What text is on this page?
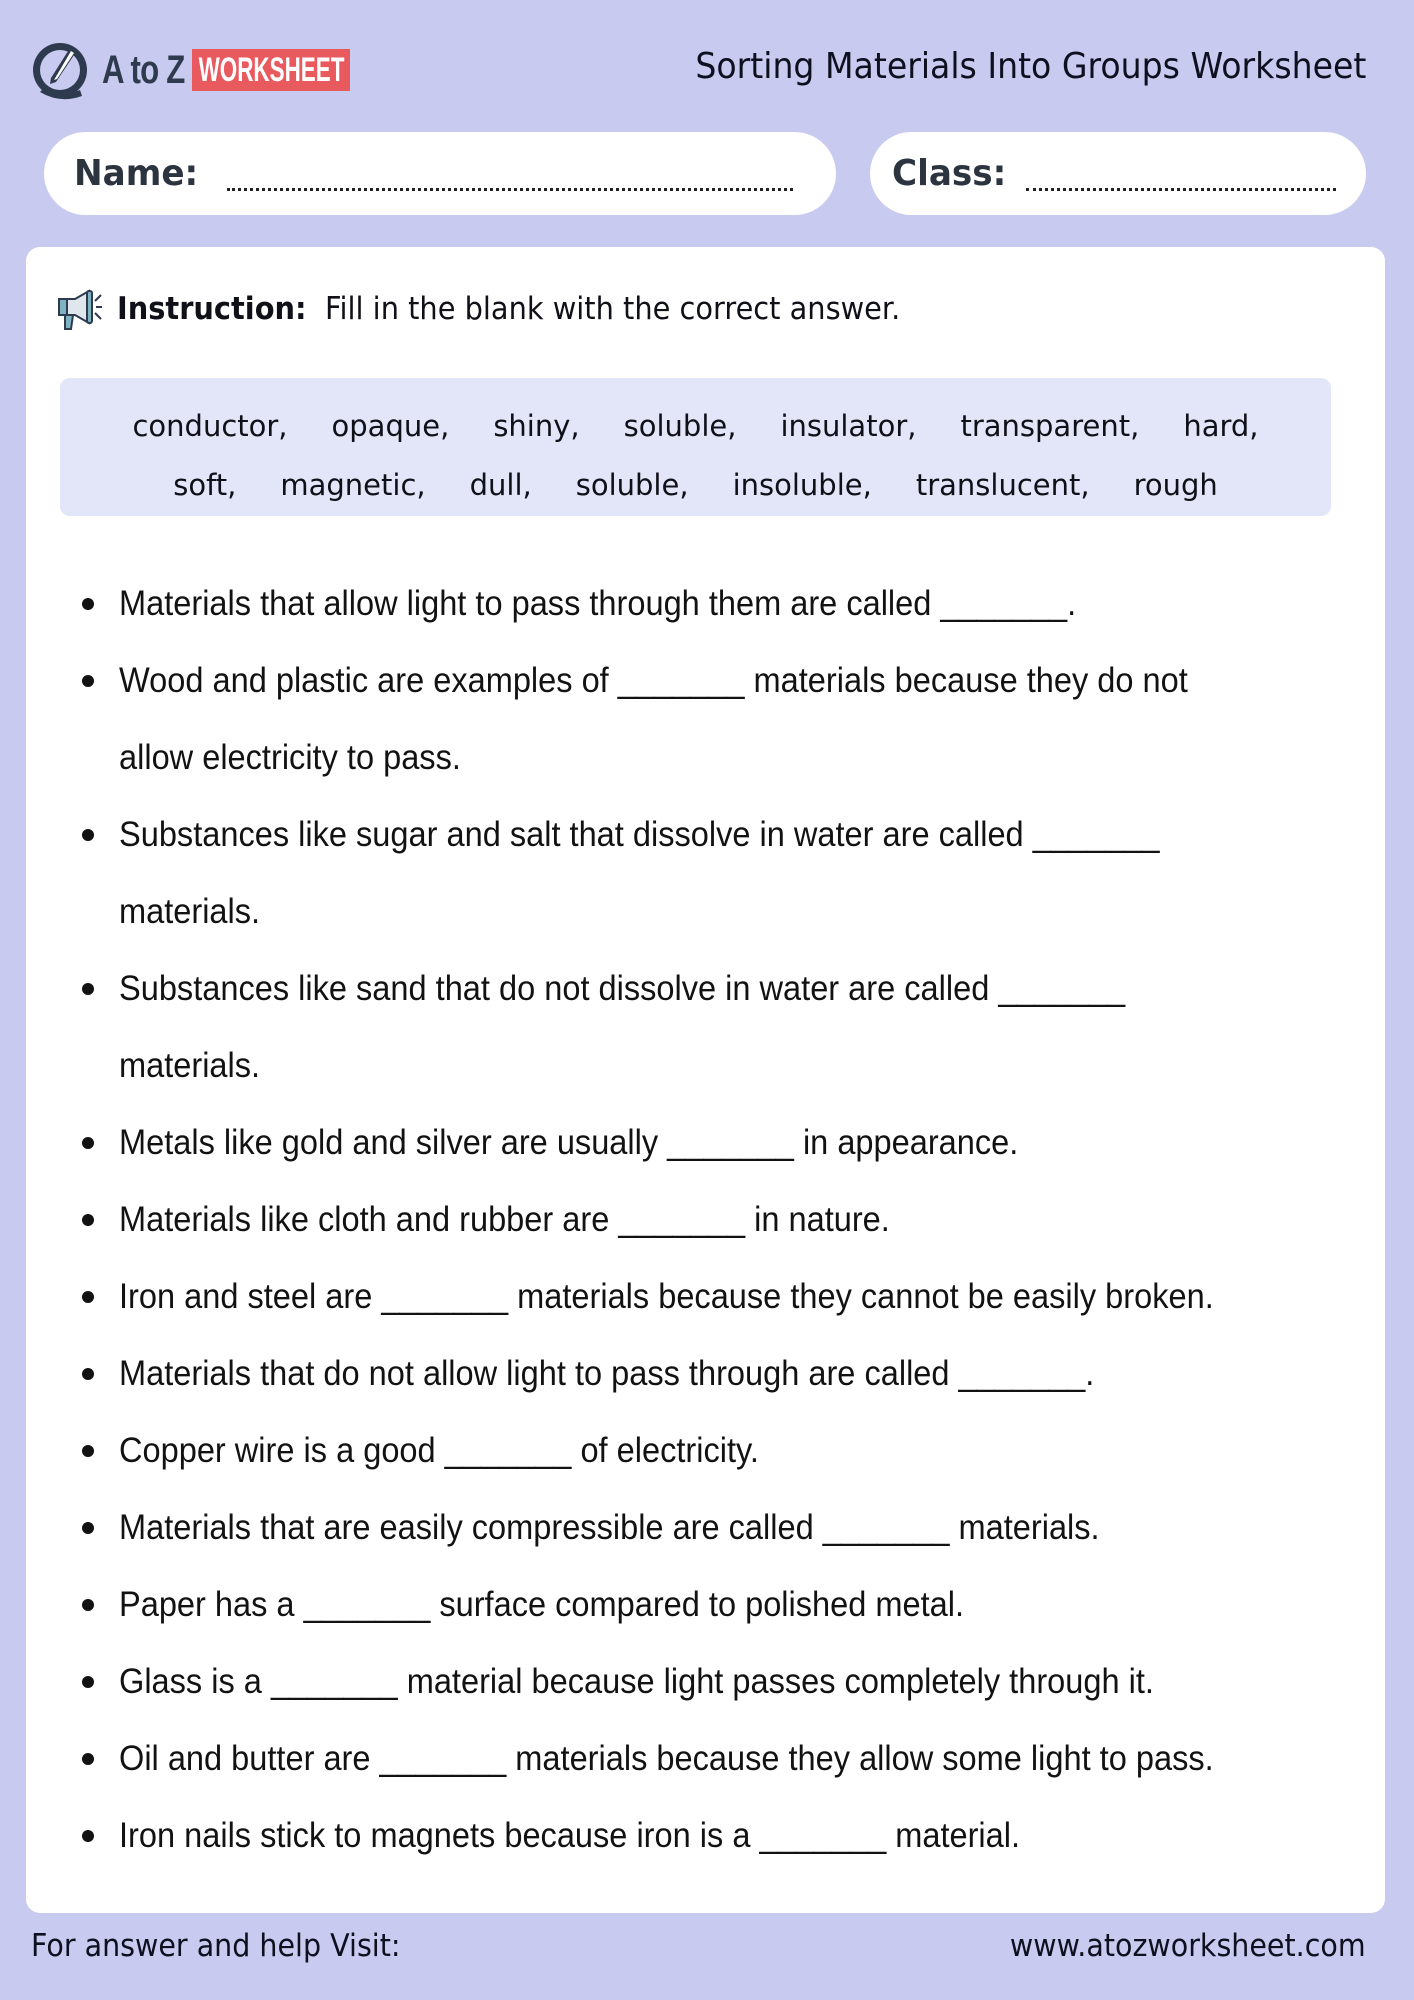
A to Z WORKSHEET	Sorting Materials Into Groups Worksheet
Name:	Class:
Instruction: Fill in the blank with the correct answer.
conductor, opaque, shiny, soluble, insulator, transparent, hard,
soft, magnetic, dull, soluble, insoluble, translucent, rough
Materials that allow light to pass through them are called _______.
Wood and plastic are examples of _______ materials because they do not allow electricity to pass.
Substances like sugar and salt that dissolve in water are called _______ materials.
Substances like sand that do not dissolve in water are called _______ materials.
Metals like gold and silver are usually _______ in appearance.
Materials like cloth and rubber are _______ in nature.
Iron and steel are _______ materials because they cannot be easily broken.
Materials that do not allow light to pass through are called _______.
Copper wire is a good _______ of electricity.
Materials that are easily compressible are called _______ materials.
Paper has a _______ surface compared to polished metal.
Glass is a _______ material because light passes completely through it.
Oil and butter are _______ materials because they allow some light to pass.
Iron nails stick to magnets because iron is a _______ material.
For answer and help Visit:	www.atozworksheet.com
